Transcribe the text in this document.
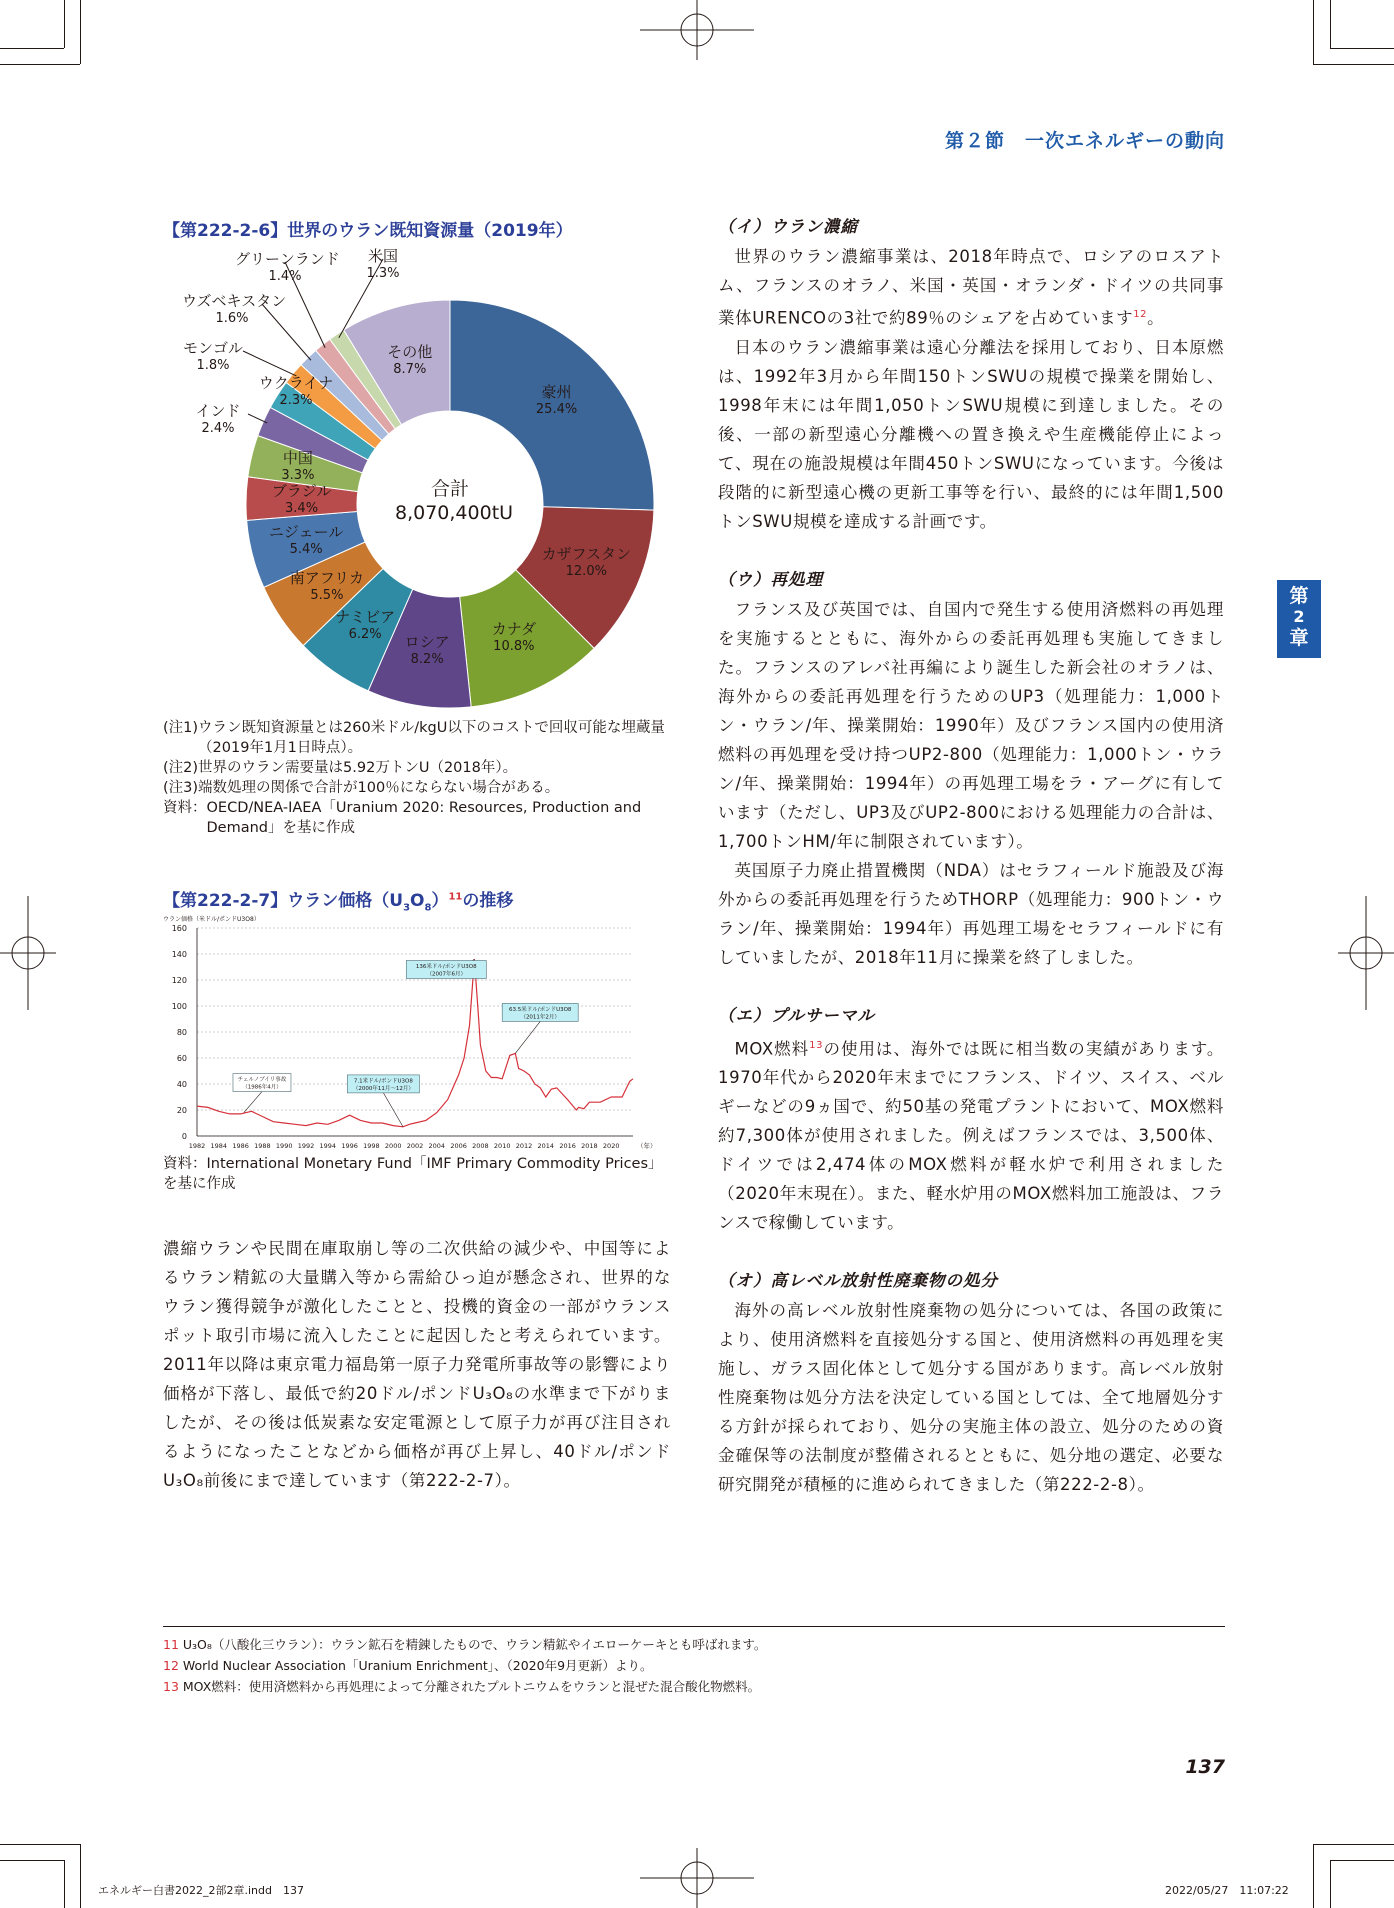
第２節　一次エネルギーの動向
第
2
章
【第222-2-6】世界のウラン既知資源量（2019年）
合計
8,070,400tU
豪州
25.4%
カザフスタン
12.0%
カナダ
10.8%
ロシア
8.2%
ナミビア
6.2%
南アフリカ
5.5%
ニジェール
5.4%
ブラジル
3.4%
中国
3.3%
その他
8.7%
インド
2.4%
ウクライナ
2.3%
モンゴル
1.8%
ウズベキスタン
1.6%
グリーンランド
1.4%
米国
1.3%
(注1) ウラン既知資源量とは260米ドル/kgU以下のコストで回収可能な埋蔵量（2019年1月1日時点）。
(注2) 世界のウラン需要量は5.92万トンU（2018年）。
(注3) 端数処理の関係で合計が100％にならない場合がある。
資料： OECD/NEA-IAEA「Uranium 2020: Resources, Production and Demand」を基に作成
【第222-2-7】ウラン価格$(U_3O_8)^{11}$の推移
ウラン価格（米ドル/ポンドU3O8）
0
20
40
60
80
100
120
140
160
1982 1984 1986 1988 1990 1992 1994 1996 1998 2000 2002 2004 2006 2008 2010 2012 2014 2016 2018 2020	（年）
チェルノブイリ事故
（1986年4月）
7.1米ドル/ポンドU3O8
（2000年11月～12月）
136米ドル/ポンドU3O8
（2007年6月）
63.5米ドル/ポンドU3O8
（2011年2月）
資料：International Monetary Fund「IMF Primary Commodity Prices」を基に作成

濃縮ウランや民間在庫取崩し等の二次供給の減少や、中国等によるウラン精鉱の大量購入等から需給ひっ迫が懸念され、世界的なウラン獲得競争が激化したことと、投機的資金の一部がウランスポット取引市場に流入したことに起因したと考えられています。2011年以降は東京電力福島第一原子力発電所事故等の影響により価格が下落し、最低で約20ドル/ポンドU₃O₈の水準まで下がりましたが、その後は低炭素な安定電源として原子力が再び注目されるようになったことなどから価格が再び上昇し、40ドル/ポンドU₃O₈前後にまで達しています（第222-2-7）。

（イ）ウラン濃縮

世界のウラン濃縮事業は、2018年時点で、ロシアのロスアトム、フランスのオラノ、米国・英国・オランダ・ドイツの共同事業体URENCOの3社で約89％のシェアを占めています$^{12}$。

日本のウラン濃縮事業は遠心分離法を採用しており、日本原燃は、1992年3月から年間150トンSWUの規模で操業を開始し、1998年末には年間1,050トンSWU規模に到達しました。その後、一部の新型遠心分離機への置き換えや生産機能停止によって、現在の施設規模は年間450トンSWUになっています。今後は段階的に新型遠心機の更新工事等を行い、最終的には年間1,500トンSWU規模を達成する計画です。

（ウ）再処理

フランス及び英国では、自国内で発生する使用済燃料の再処理を実施するとともに、海外からの委託再処理も実施してきました。フランスのアレバ社再編により誕生した新会社のオラノは、海外からの委託再処理を行うためのUP3（処理能力：1,000トン・ウラン/年、操業開始：1990年）及びフランス国内の使用済燃料の再処理を受け持つUP2-800（処理能力：1,000トン・ウラン/年、操業開始：1994年）の再処理工場をラ・アーグに有しています（ただし、UP3及びUP2-800における処理能力の合計は、1,700トンHM/年に制限されています）。

英国原子力廃止措置機関（NDA）はセラフィールド施設及び海外からの委託再処理を行うためTHORP（処理能力：900トン・ウラン/年、操業開始：1994年）再処理工場をセラフィールドに有していましたが、2018年11月に操業を終了しました。

（エ）プルサーマル

MOX燃料$^{13}$の使用は、海外では既に相当数の実績があります。1970年代から2020年末までにフランス、ドイツ、スイス、ベルギーなどの9ヵ国で、約50基の発電プラントにおいて、MOX燃料約7,300体が使用されました。例えばフランスでは、3,500体、ドイツでは2,474体のMOX燃料が軽水炉で利用されました（2020年末現在）。また、軽水炉用のMOX燃料加工施設は、フランスで稼働しています。

（オ）高レベル放射性廃棄物の処分

海外の高レベル放射性廃棄物の処分については、各国の政策により、使用済燃料を直接処分する国と、使用済燃料の再処理を実施し、ガラス固化体として処分する国があります。高レベル放射性廃棄物は処分方法を決定している国としては、全て地層処分する方針が採られており、処分の実施主体の設立、処分のための資金確保等の法制度が整備されるとともに、処分地の選定、必要な研究開発が積極的に進められてきました（第222-2-8）。

11 U₃O₈（八酸化三ウラン）：ウラン鉱石を精錬したもので、ウラン精鉱やイエローケーキとも呼ばれます。
12 World Nuclear Association「Uranium Enrichment」、（2020年9月更新）より。
13 MOX燃料：使用済燃料から再処理によって分離されたプルトニウムをウランと混ぜた混合酸化物燃料。
137
エネルギー白書2022_2部2章.indd　137	2022/05/27　11:07:22
